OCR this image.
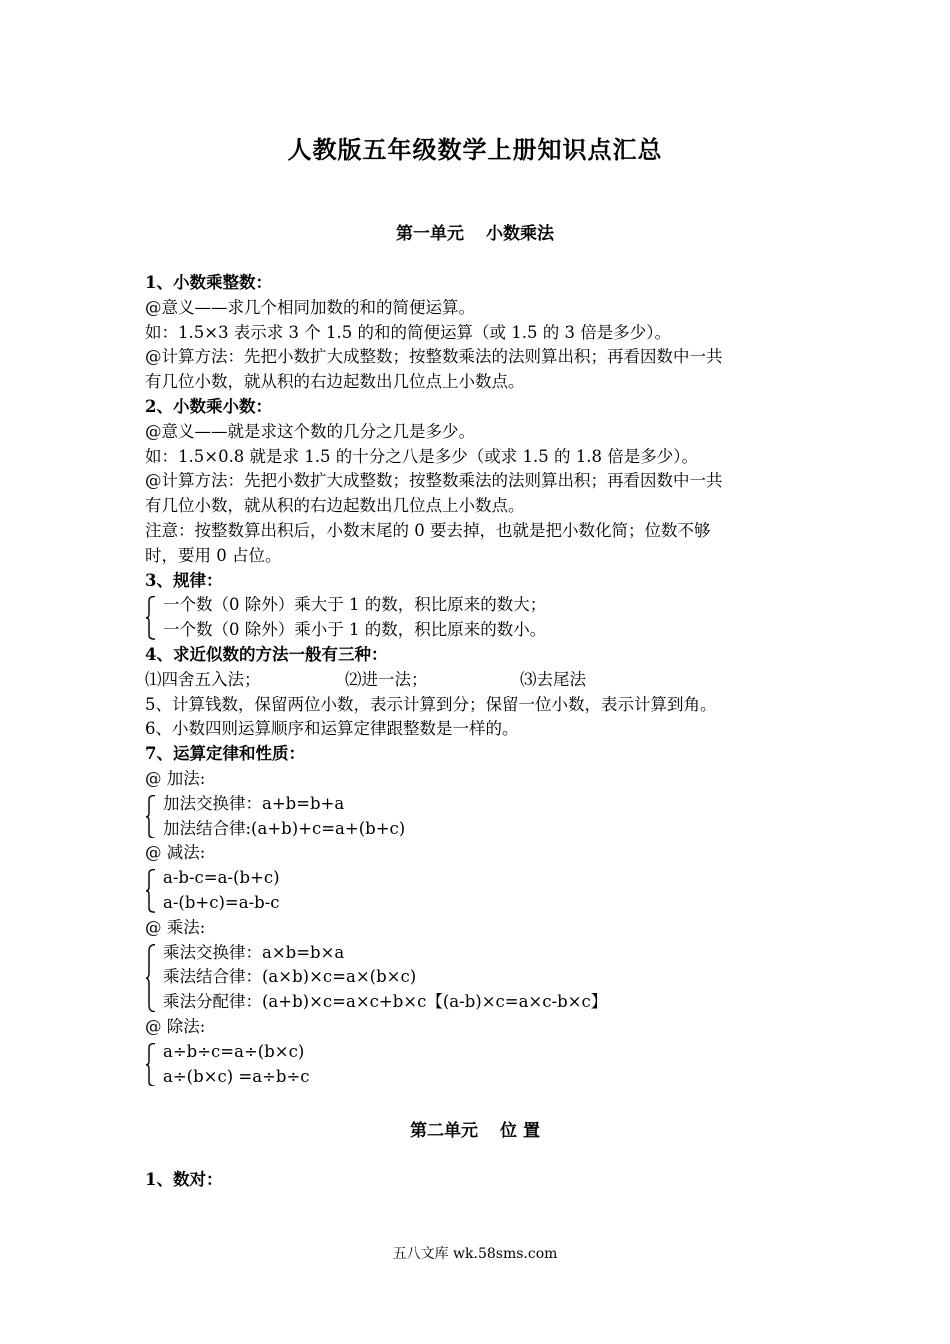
人教版五年级数学上册知识点汇总
第一单元 小数乘法
1、小数乘整数：
@意义——求几个相同加数的和的简便运算。
如：1.5×3 表示求 3 个 1.5 的和的简便运算（或 1.5 的 3 倍是多少）。
@计算方法：先把小数扩大成整数；按整数乘法的法则算出积；再看因数中一共
有几位小数，就从积的右边起数出几位点上小数点。
2、小数乘小数：
@意义——就是求这个数的几分之几是多少。
如：1.5×0.8 就是求 1.5 的十分之八是多少（或求 1.5 的 1.8 倍是多少）。
@计算方法：先把小数扩大成整数；按整数乘法的法则算出积；再看因数中一共
有几位小数，就从积的右边起数出几位点上小数点。
注意：按整数算出积后，小数末尾的 0 要去掉，也就是把小数化简；位数不够
时，要用 0 占位。
3、规律：
一个数（0 除外）乘大于 1 的数，积比原来的数大；
一个数（0 除外）乘小于 1 的数，积比原来的数小。
4、求近似数的方法一般有三种：
⑴四舍五入法；	⑵进一法；	⑶去尾法
5、计算钱数，保留两位小数，表示计算到分；保留一位小数，表示计算到角。
6、小数四则运算顺序和运算定律跟整数是一样的。
7、运算定律和性质：
@ 加法:
加法交换律：a+b=b+a
加法结合律:(a+b)+c=a+(b+c)
@ 减法:
a-b-c=a-(b+c)
a-(b+c)=a-b-c
@ 乘法:
乘法交换律：a×b=b×a
乘法结合律：(a×b)×c=a×(b×c)
乘法分配律：(a+b)×c=a×c+b×c【(a-b)×c=a×c-b×c】
@ 除法:
a÷b÷c=a÷(b×c)
a÷(b×c) =a÷b÷c
第二单元 位 置
1、数对：
五八文库 wk.58sms.com
